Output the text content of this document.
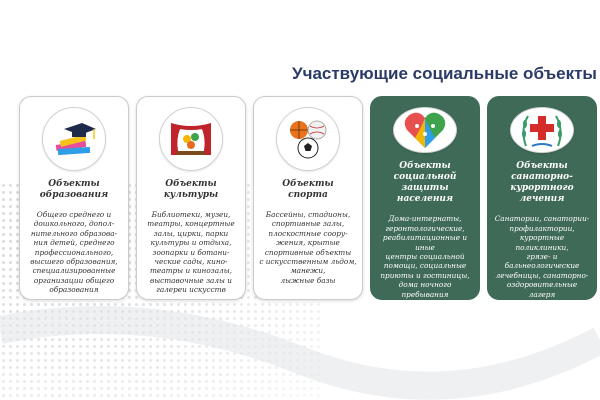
Участвующие социальные объекты
Объекты
образования
Общего среднего и
дошкольного, допол-
нительного образова-
ния детей, среднего
профессионального,
высшего образования,
специализированные
организации общего
образования
Объекты культуры
Библиотеки, музеи,
театры, концертные
залы, цирки, парки
культуры и отдыха,
зоопарки и ботани-
ческие сады, кино-
театры и кинозалы,
выставочные залы и
галереи искусств
Объекты
спорта
Бассейны, стадионы,
спортивные залы,
плоскостные соору-
жения, крытые
спортивные объекты
с искусственным льдом,
манежи,
лыжные базы
Объекты социальной
защиты населения
Дома-интернаты,
геронтологические,
реабилитационные и иные
центры социальной
помощи, социальные
приюты и гостиницы,
дома ночного пребывания
Объекты санаторно-
курортного лечения
Санатории, санатории-
профилактории,
курортные поликлиники,
грязе- и бальнеологические
лечебницы, санаторно-
оздоровительные лагеря
